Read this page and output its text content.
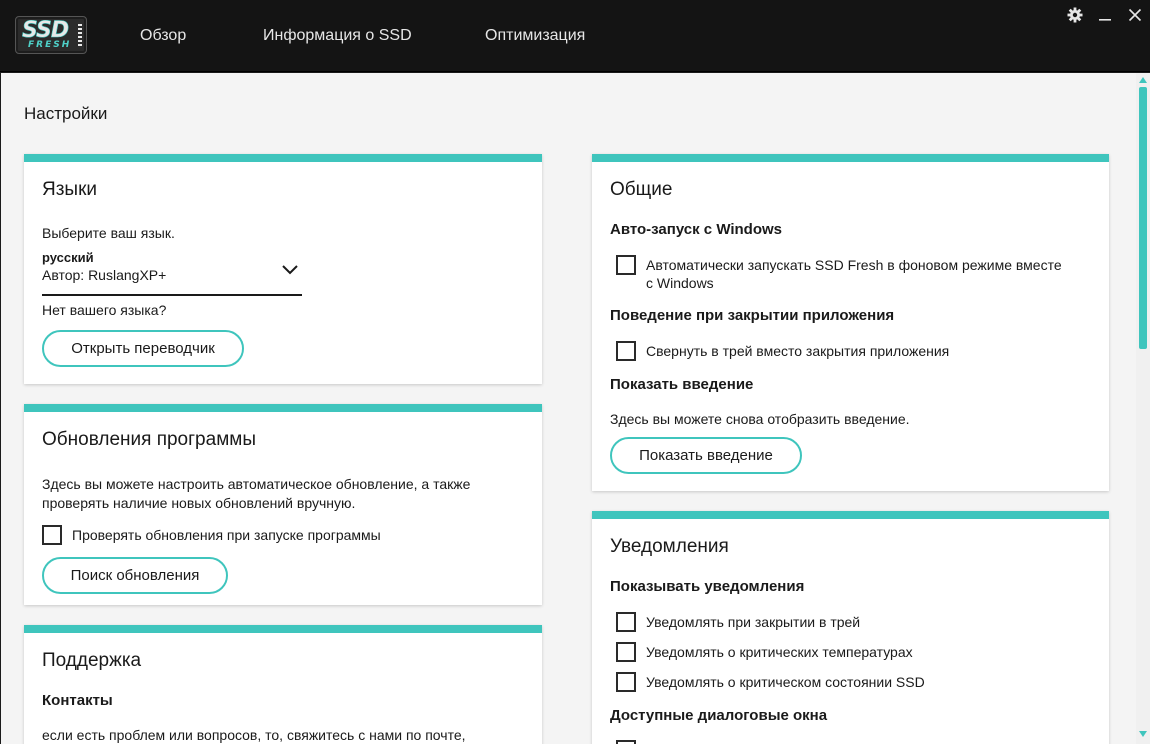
SSD
FRESH
Обзор	Информация о SSD	Оптимизация
Настройки
Языки
Выберите ваш язык.
русский
Автор: RuslangXP+
Нет вашего языка?
Открыть переводчик
Обновления программы
Здесь вы можете настроить автоматическое обновление, а также проверять наличие новых обновлений вручную.
Проверять обновления при запуске программы
Поиск обновления
Поддержка
Контакты
если есть проблем или вопросов, то, свяжитесь с нами по почте,
Общие
Авто-запуск с Windows
Автоматически запускать SSD Fresh в фоновом режиме вместе с Windows
Поведение при закрытии приложения
Свернуть в трей вместо закрытия приложения
Показать введение
Здесь вы можете снова отобразить введение.
Показать введение
Уведомления
Показывать уведомления
Уведомлять при закрытии в трей
Уведомлять о критических температурах
Уведомлять о критическом состоянии SSD
Доступные диалоговые окна
